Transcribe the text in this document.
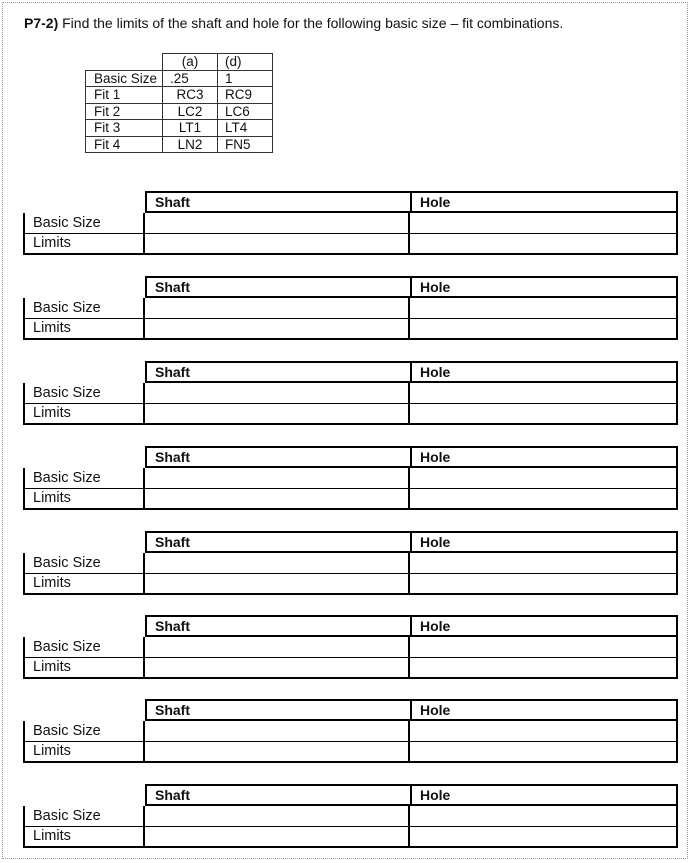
P7-2) Find the limits of the shaft and hole for the following basic size – fit combinations.
	(a)	(d)
Basic Size	.25	1
Fit 1	RC3	RC9
Fit 2	LC2	LC6
Fit 3	LT1	LT4
Fit 4	LN2	FN5
Shaft	Hole
Basic Size
Limits
Shaft	Hole
Basic Size
Limits
Shaft	Hole
Basic Size
Limits
Shaft	Hole
Basic Size
Limits
Shaft	Hole
Basic Size
Limits
Shaft	Hole
Basic Size
Limits
Shaft	Hole
Basic Size
Limits
Shaft	Hole
Basic Size
Limits
